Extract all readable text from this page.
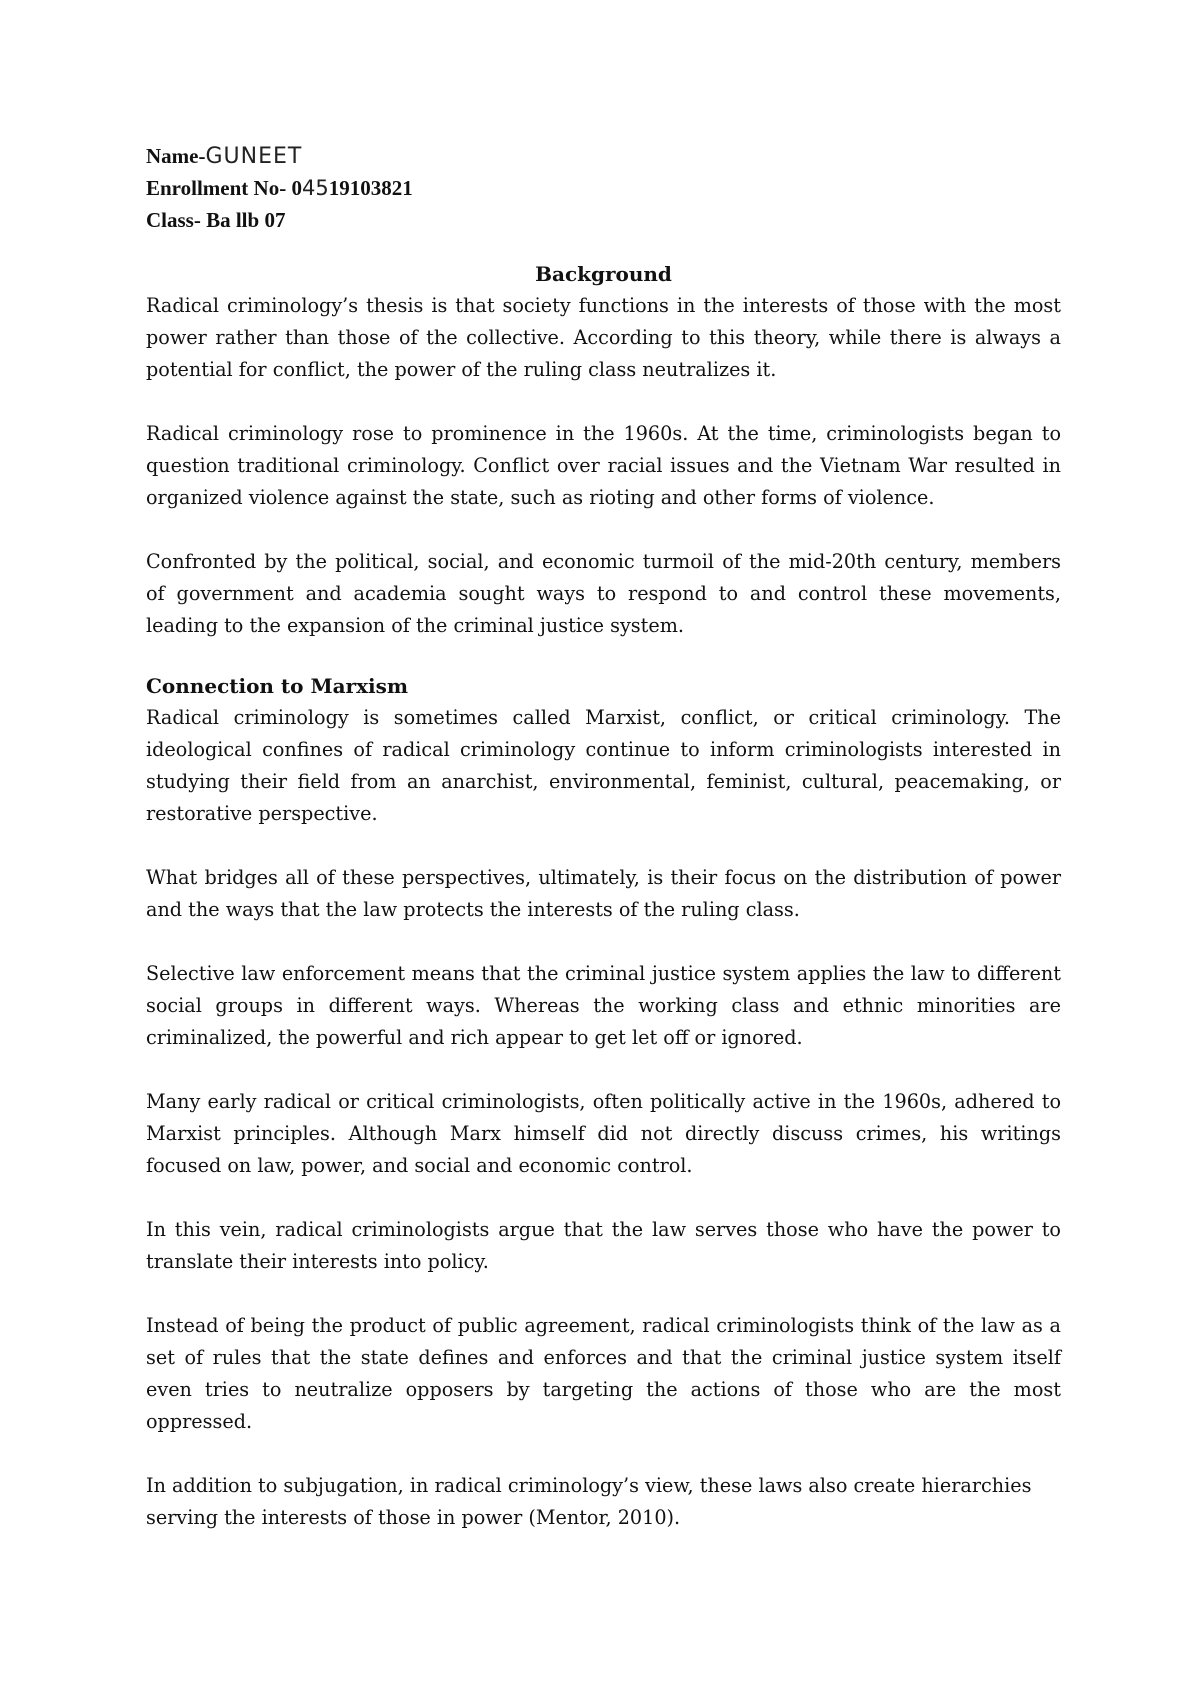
Name-GUNEET
Enrollment No- 04519103821
Class- Ba llb 07
Background

Radical criminology’s thesis is that society functions in the interests of those with the most power rather than those of the collective. According to this theory, while there is always a potential for conflict, the power of the ruling class neutralizes it.

Radical criminology rose to prominence in the 1960s. At the time, criminologists began to question traditional criminology. Conflict over racial issues and the Vietnam War resulted in organized violence against the state, such as rioting and other forms of violence.

Confronted by the political, social, and economic turmoil of the mid-20th century, members of government and academia sought ways to respond to and control these movements, leading to the expansion of the criminal justice system.

Connection to Marxism

Radical criminology is sometimes called Marxist, conflict, or critical criminology. The ideological confines of radical criminology continue to inform criminologists interested in studying their field from an anarchist, environmental, feminist, cultural, peacemaking, or restorative perspective.

What bridges all of these perspectives, ultimately, is their focus on the distribution of power and the ways that the law protects the interests of the ruling class.

Selective law enforcement means that the criminal justice system applies the law to different social groups in different ways. Whereas the working class and ethnic minorities are criminalized, the powerful and rich appear to get let off or ignored.

Many early radical or critical criminologists, often politically active in the 1960s, adhered to Marxist principles. Although Marx himself did not directly discuss crimes, his writings focused on law, power, and social and economic control.

In this vein, radical criminologists argue that the law serves those who have the power to translate their interests into policy.

Instead of being the product of public agreement, radical criminologists think of the law as a set of rules that the state defines and enforces and that the criminal justice system itself even tries to neutralize opposers by targeting the actions of those who are the most oppressed.

In addition to subjugation, in radical criminology’s view, these laws also create hierarchies serving the interests of those in power (Mentor, 2010).
